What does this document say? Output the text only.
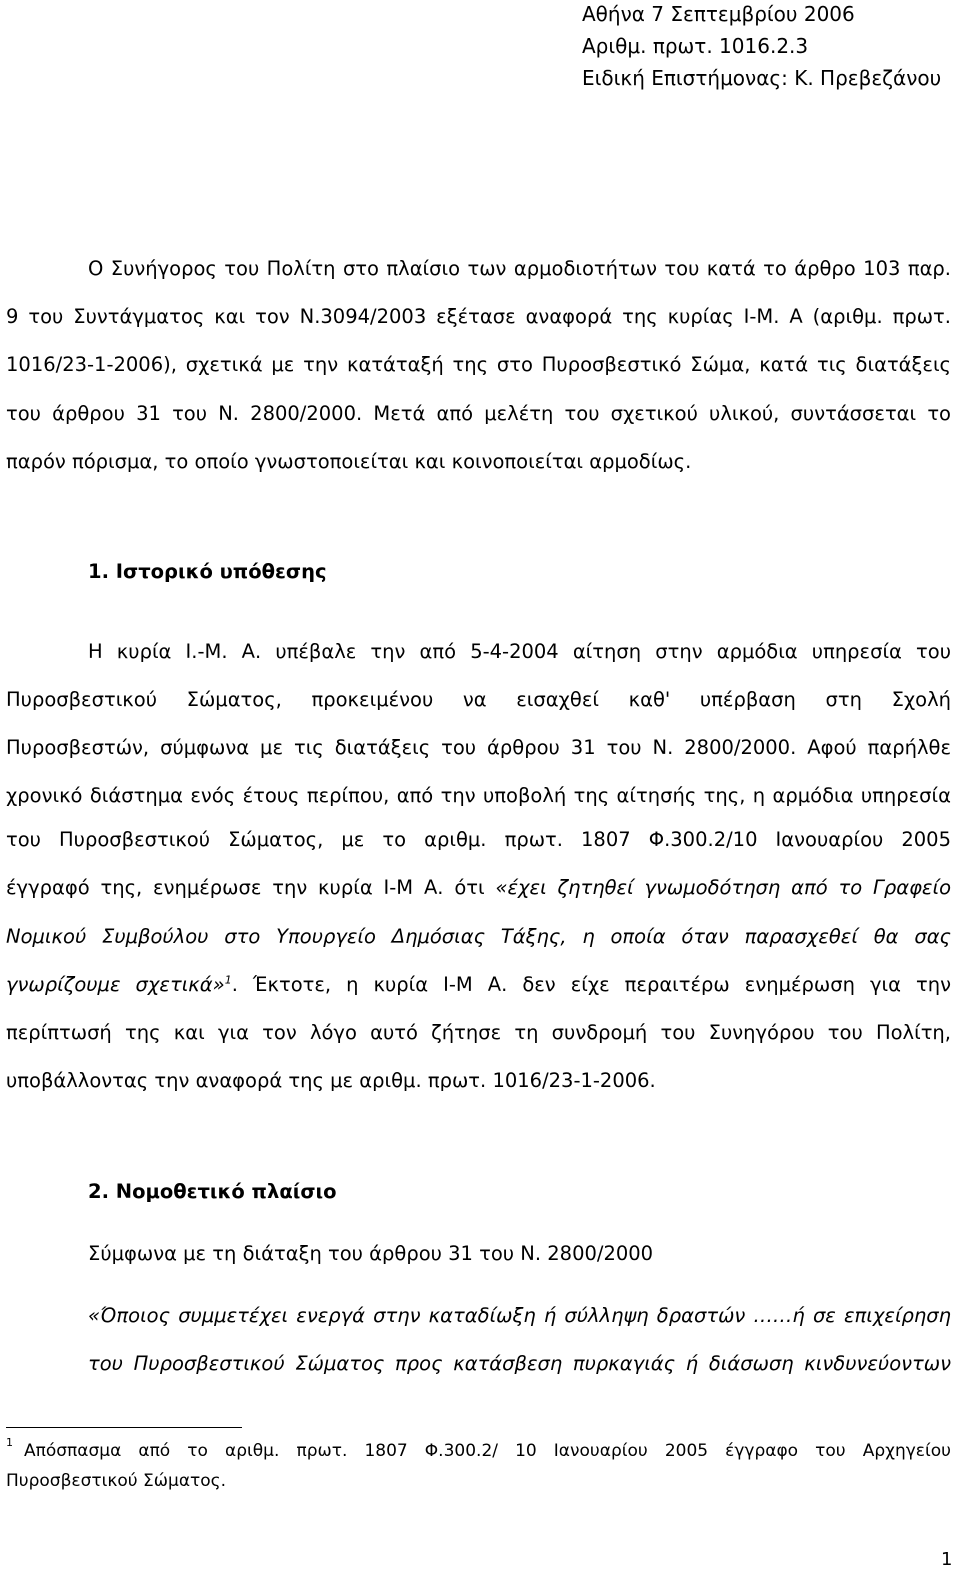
Αθήνα 7 Σεπτεμβρίου 2006
Αριθμ. πρωτ. 1016.2.3
Ειδική Επιστήμονας: Κ. Πρεβεζάνου
Ο Συνήγορος του Πολίτη στο πλαίσιο των αρμοδιοτήτων του κατά το άρθρο 103 παρ.
9 του Συντάγματος και τον Ν.3094/2003 εξέτασε αναφορά της κυρίας Ι-Μ. Α (αριθμ. πρωτ.
1016/23-1-2006), σχετικά με την κατάταξή της στο Πυροσβεστικό Σώμα, κατά τις διατάξεις
του άρθρου 31 του Ν. 2800/2000. Μετά από μελέτη του σχετικού υλικού, συντάσσεται το
παρόν πόρισμα, το οποίο γνωστοποιείται και κοινοποιείται αρμοδίως.
1. Ιστορικό υπόθεσης
Η κυρία Ι.-Μ. Α. υπέβαλε την από 5-4-2004 αίτηση στην αρμόδια υπηρεσία του
Πυροσβεστικού Σώματος, προκειμένου να εισαχθεί καθ' υπέρβαση στη Σχολή
Πυροσβεστών, σύμφωνα με τις διατάξεις του άρθρου 31 του Ν. 2800/2000. Αφού παρήλθε
χρονικό διάστημα ενός έτους περίπου, από την υποβολή της αίτησής της, η αρμόδια υπηρεσία
του Πυροσβεστικού Σώματος, με το αριθμ. πρωτ. 1807 Φ.300.2/10 Ιανουαρίου 2005
έγγραφό της, ενημέρωσε την κυρία Ι-Μ Α. ότι «έχει ζητηθεί γνωμοδότηση από το Γραφείο
Νομικού Συμβούλου στο Υπουργείο Δημόσιας Τάξης, η οποία όταν παρασχεθεί θα σας
γνωρίζουμε σχετικά»$^1$. Έκτοτε, η κυρία Ι-Μ Α. δεν είχε περαιτέρω ενημέρωση για την
περίπτωσή της και για τον λόγο αυτό ζήτησε τη συνδρομή του Συνηγόρου του Πολίτη,
υποβάλλοντας την αναφορά της με αριθμ. πρωτ. 1016/23-1-2006.
2. Νομοθετικό πλαίσιο
Σύμφωνα με τη διάταξη του άρθρου 31 του Ν. 2800/2000
«Όποιος συμμετέχει ενεργά στην καταδίωξη ή σύλληψη δραστών ……ή σε επιχείρηση
του Πυροσβεστικού Σώματος προς κατάσβεση πυρκαγιάς ή διάσωση κινδυνεύοντων
1 Απόσπασμα από το αριθμ. πρωτ. 1807 Φ.300.2/ 10 Ιανουαρίου 2005 έγγραφο του Αρχηγείου
Πυροσβεστικού Σώματος.
1
